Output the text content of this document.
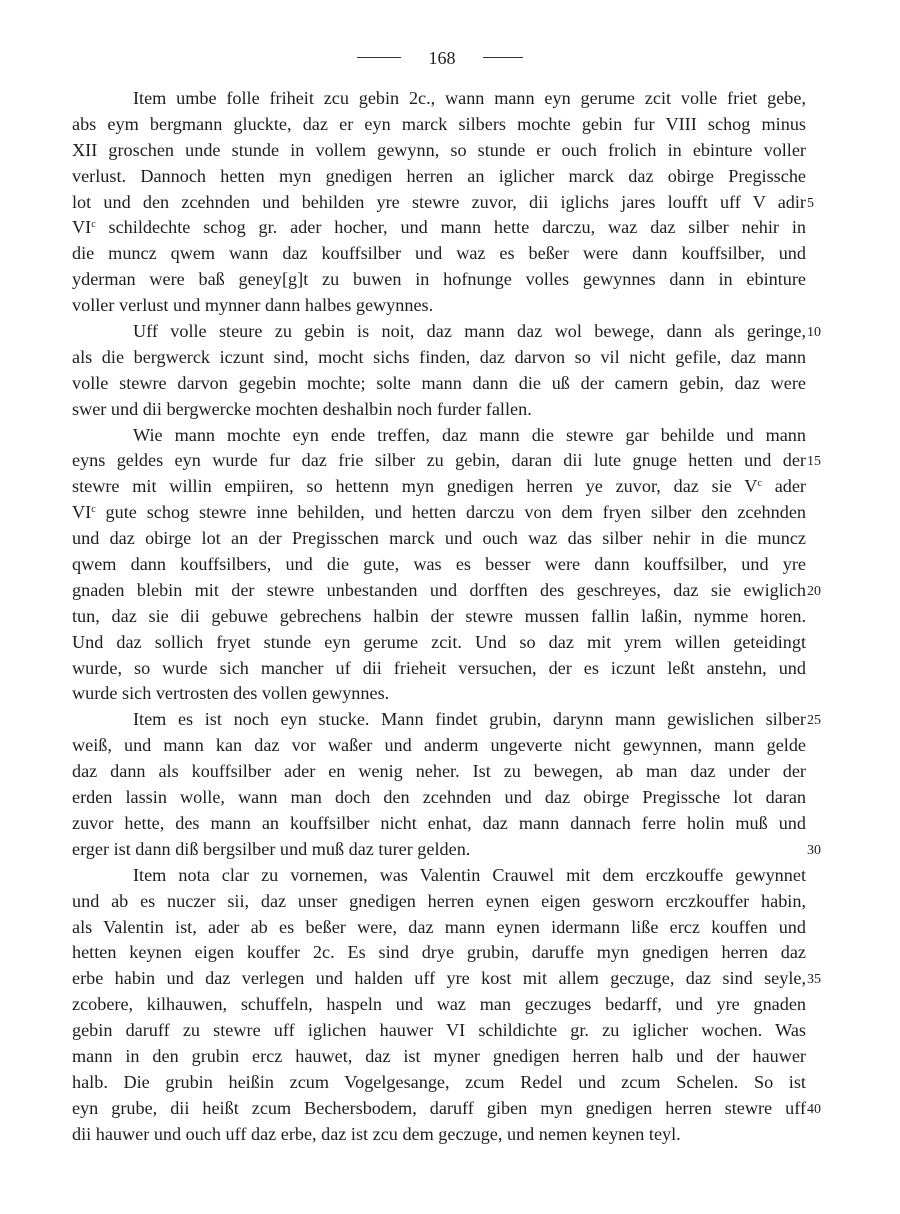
168
Item umbe folle friheit zcu gebin 2c., wann mann eyn gerume zcit volle friet gebe,
abs eym bergmann gluckte, daz er eyn marck silbers mochte gebin fur VIII schog minus
XII groschen unde stunde in vollem gewynn, so stunde er ouch frolich in ebinture voller
verlust. Dannoch hetten myn gnedigen herren an iglicher marck daz obirge Pregissche
lot und den zcehnden und behilden yre stewre zuvor, dii iglichs jares loufft uff V adir 5
$VI^c$ schildechte schog gr. ader hocher, und mann hette darczu, waz daz silber nehir in
die muncz qwem wann daz kouffsilber und waz es beßer were dann kouffsilber, und
yderman were baß geney[g]t zu buwen in hofnunge volles gewynnes dann in ebinture
voller verlust und mynner dann halbes gewynnes.
Uff volle steure zu gebin is noit, daz mann daz wol bewege, dann als geringe, 10
als die bergwerck iczunt sind, mocht sichs finden, daz darvon so vil nicht gefile, daz mann
volle stewre darvon gegebin mochte; solte mann dann die uß der camern gebin, daz were
swer und dii bergwercke mochten deshalbin noch furder fallen.
Wie mann mochte eyn ende treffen, daz mann die stewre gar behilde und mann
eyns geldes eyn wurde fur daz frie silber zu gebin, daran dii lute gnuge hetten und der 15
stewre mit willin empiiren, so hettenn myn gnedigen herren ye zuvor, daz sie $V^c$ ader
$VI^c$ gute schog stewre inne behilden, und hetten darczu von dem fryen silber den zcehnden
und daz obirge lot an der Pregisschen marck und ouch waz das silber nehir in die muncz
qwem dann kouffsilbers, und die gute, was es besser were dann kouffsilber, und yre
gnaden blebin mit der stewre unbestanden und dorfften des geschreyes, daz sie ewiglich 20
tun, daz sie dii gebuwe gebrechens halbin der stewre mussen fallin laßin, nymme horen.
Und daz sollich fryet stunde eyn gerume zcit. Und so daz mit yrem willen geteidingt
wurde, so wurde sich mancher uf dii frieheit versuchen, der es iczunt leßt anstehn, und
wurde sich vertrosten des vollen gewynnes.
Item es ist noch eyn stucke. Mann findet grubin, darynn mann gewislichen silber 25
weiß, und mann kan daz vor waßer und anderm ungeverte nicht gewynnen, mann gelde
daz dann als kouffsilber ader en wenig neher. Ist zu bewegen, ab man daz under der
erden lassin wolle, wann man doch den zcehnden und daz obirge Pregissche lot daran
zuvor hette, des mann an kouffsilber nicht enhat, daz mann dannach ferre holin muß und
erger ist dann diß bergsilber und muß daz turer gelden.	30
Item nota clar zu vornemen, was Valentin Crauwel mit dem erczkouffe gewynnet
und ab es nuczer sii, daz unser gnedigen herren eynen eigen gesworn erczkouffer habin,
als Valentin ist, ader ab es beßer were, daz mann eynen idermann liße ercz kouffen und
hetten keynen eigen kouffer 2c. Es sind drye grubin, daruffe myn gnedigen herren daz
erbe habin und daz verlegen und halden uff yre kost mit allem geczuge, daz sind seyle, 35
zcobere, kilhauwen, schuffeln, haspeln und waz man geczuges bedarff, und yre gnaden
gebin daruff zu stewre uff iglichen hauwer VI schildichte gr. zu iglicher wochen. Was
mann in den grubin ercz hauwet, daz ist myner gnedigen herren halb und der hauwer
halb. Die grubin heißin zcum Vogelgesange, zcum Redel und zcum Schelen. So ist
eyn grube, dii heißt zcum Bechersbodem, daruff giben myn gnedigen herren stewre uff 40
dii hauwer und ouch uff daz erbe, daz ist zcu dem geczuge, und nemen keynen teyl.
